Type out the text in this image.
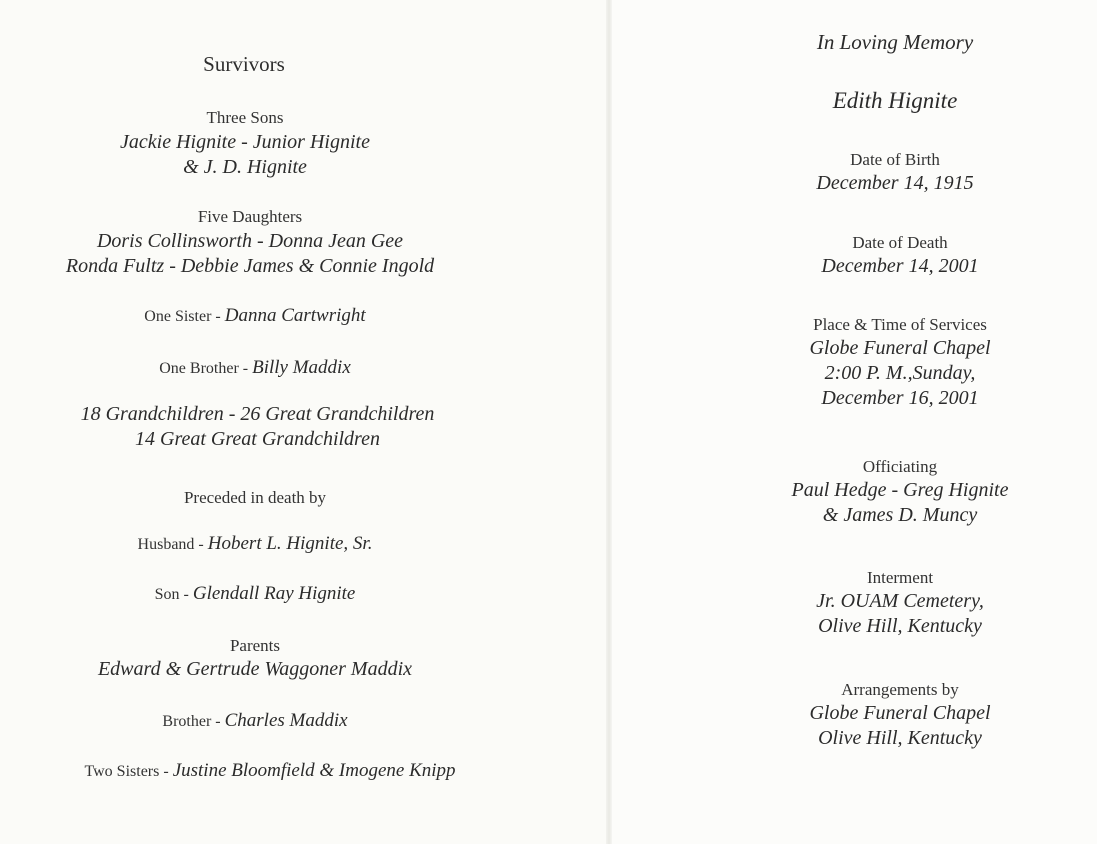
Survivors
Three Sons
Jackie Hignite - Junior Hignite
& J. D. Hignite
Five Daughters
Doris Collinsworth - Donna Jean Gee
Ronda Fultz - Debbie James & Connie Ingold
One Sister - Danna Cartwright
One Brother - Billy Maddix
18 Grandchildren - 26 Great Grandchildren
14 Great Great Grandchildren
Preceded in death by
Husband - Hobert L. Hignite, Sr.
Son - Glendall Ray Hignite
Parents
Edward & Gertrude Waggoner Maddix
Brother - Charles Maddix
Two Sisters - Justine Bloomfield & Imogene Knipp
In Loving Memory
Edith Hignite
Date of Birth
December 14, 1915
Date of Death
December 14, 2001
Place & Time of Services
Globe Funeral Chapel
2:00 P. M.,Sunday,
December 16, 2001
Officiating
Paul Hedge - Greg Hignite
& James D. Muncy
Interment
Jr. OUAM Cemetery,
Olive Hill, Kentucky
Arrangements by
Globe Funeral Chapel
Olive Hill, Kentucky
